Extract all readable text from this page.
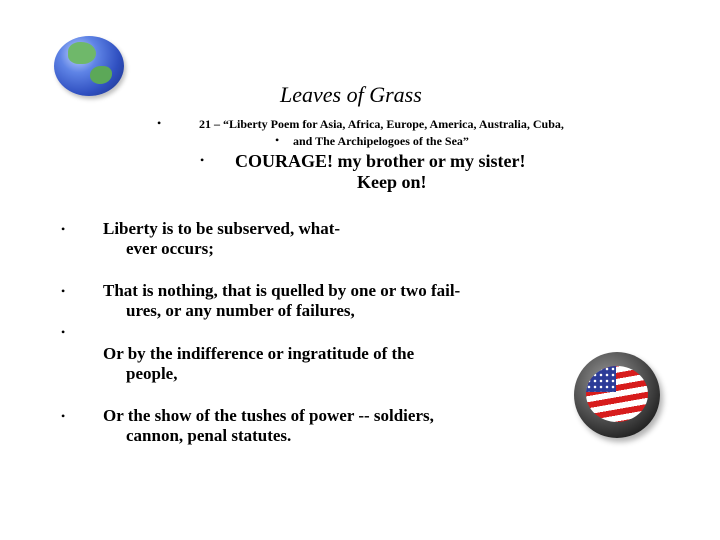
Leaves of Grass
•	21 – “Liberty Poem for Asia, Africa, Europe, America, Australia, Cuba,
• and The Archipelogoes of the Sea”
• COURAGE! my brother or my sister!
Keep on!
• Liberty is to be subserved, what-
ever occurs;
• That is nothing, that is quelled by one or two fail-
ures, or any number of failures,
•
Or by the indifference or ingratitude of the
people,
• Or the show of the tushes of power -- soldiers,
cannon, penal statutes.
